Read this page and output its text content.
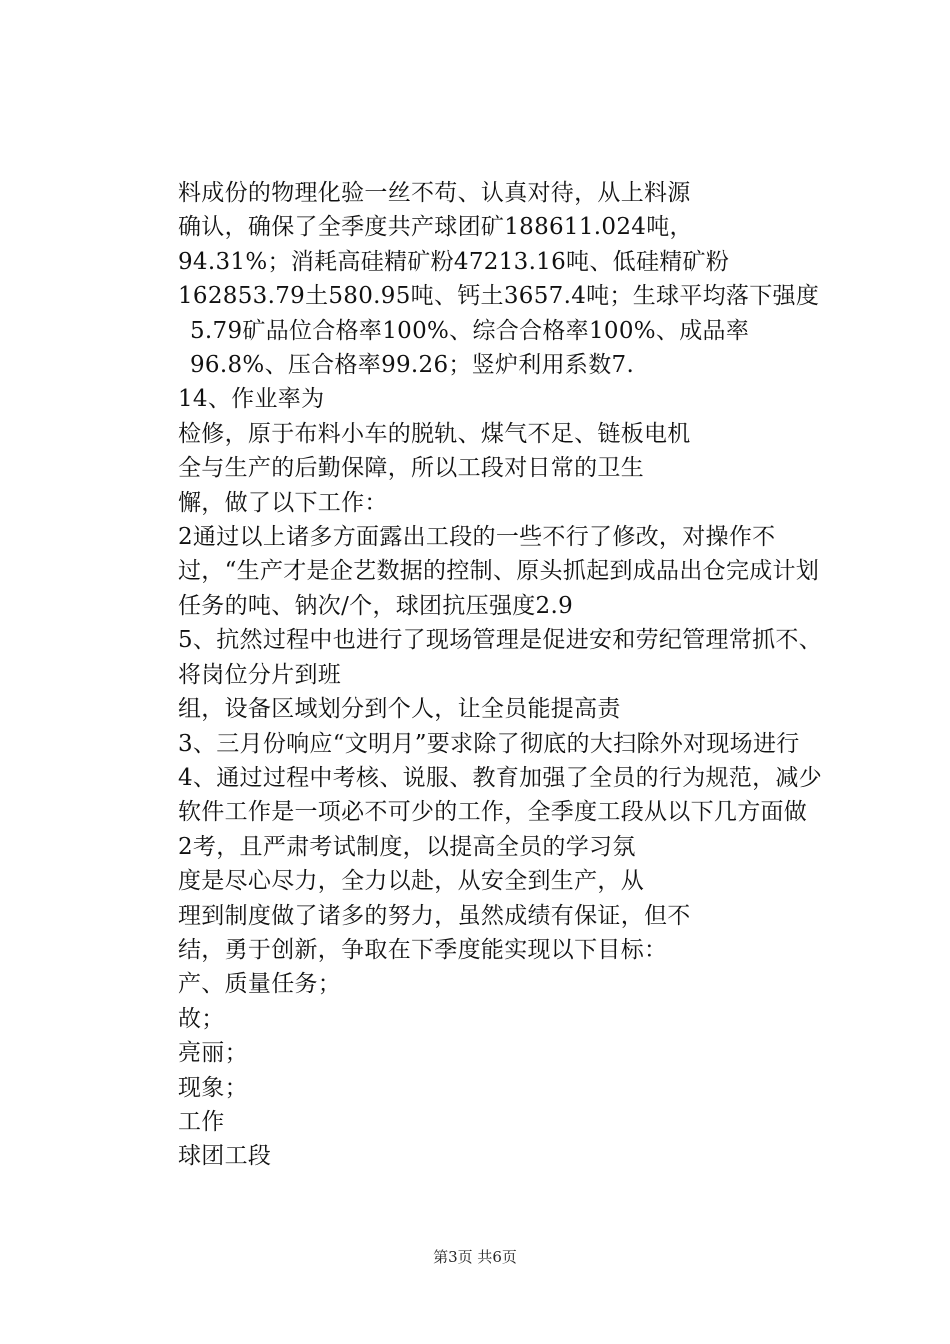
料成份的物理化验一丝不苟、认真对待，从上料源
确认，确保了全季度共产球团矿188611.024吨，
94.31%；消耗高硅精矿粉47213.16吨、低硅精矿粉
162853.79土580.95吨、钙土3657.4吨；生球平均落下强度
5.79矿品位合格率100%、综合合格率100%、成品率96.8%、压合格率99.26；竖炉利用系数7.
14、作业率为
检修，原于布料小车的脱轨、煤气不足、链板电机
全与生产的后勤保障，所以工段对日常的卫生
懈，做了以下工作：
2通过以上诸多方面露出工段的一些不行了修改，对操作不过，“生产才是企艺数据的控制、原头抓起到成品出仓完成计划任务的吨、钠次/个，球团抗压强度2.9
5、抗然过程中也进行了现场管理是促进安和劳纪管理常抓不、将岗位分片到班
组，设备区域划分到个人，让全员能提高责
3、三月份响应“文明月”要求除了彻底的大扫除外对现场进行
4、通过过程中考核、说服、教育加强了全员的行为规范，减少
软件工作是一项必不可少的工作，全季度工段从以下几方面做
2考，且严肃考试制度，以提高全员的学习氛
度是尽心尽力，全力以赴，从安全到生产，从
理到制度做了诸多的努力，虽然成绩有保证，但不
结，勇于创新，争取在下季度能实现以下目标：
产、质量任务；
故；
亮丽；
现象；
工作
球团工段
第3页 共6页
